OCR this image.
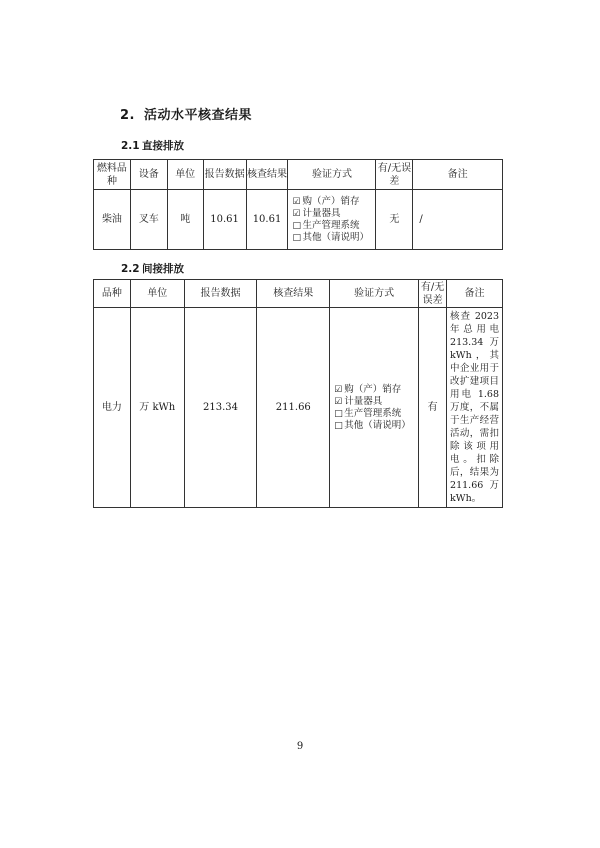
2. 活动水平核查结果
2.1 直接排放
燃料品种	设备	单位	报告数据	核查结果	验证方式	有/无误差	备注
柴油	叉车	吨	10.61	10.61	☑ 购（产）销存
☑ 计量器具
□生产管理系统
□其他（请说明）	无	/
2.2 间接排放
品种	单位	报告数据	核查结果	验证方式	有/无误差	备注
电力	万 kWh	213.34	211.66	☑ 购（产）销存
☑ 计量器具
□生产管理系统
□其他（请说明）	有	核查 2023 年总用电 213.34 万 kWh，其中企业用于改扩建项目用电 1.68 万度，不属于生产经营活动，需扣除该项用电。扣除后，结果为 211.66 万 kWh。
9
